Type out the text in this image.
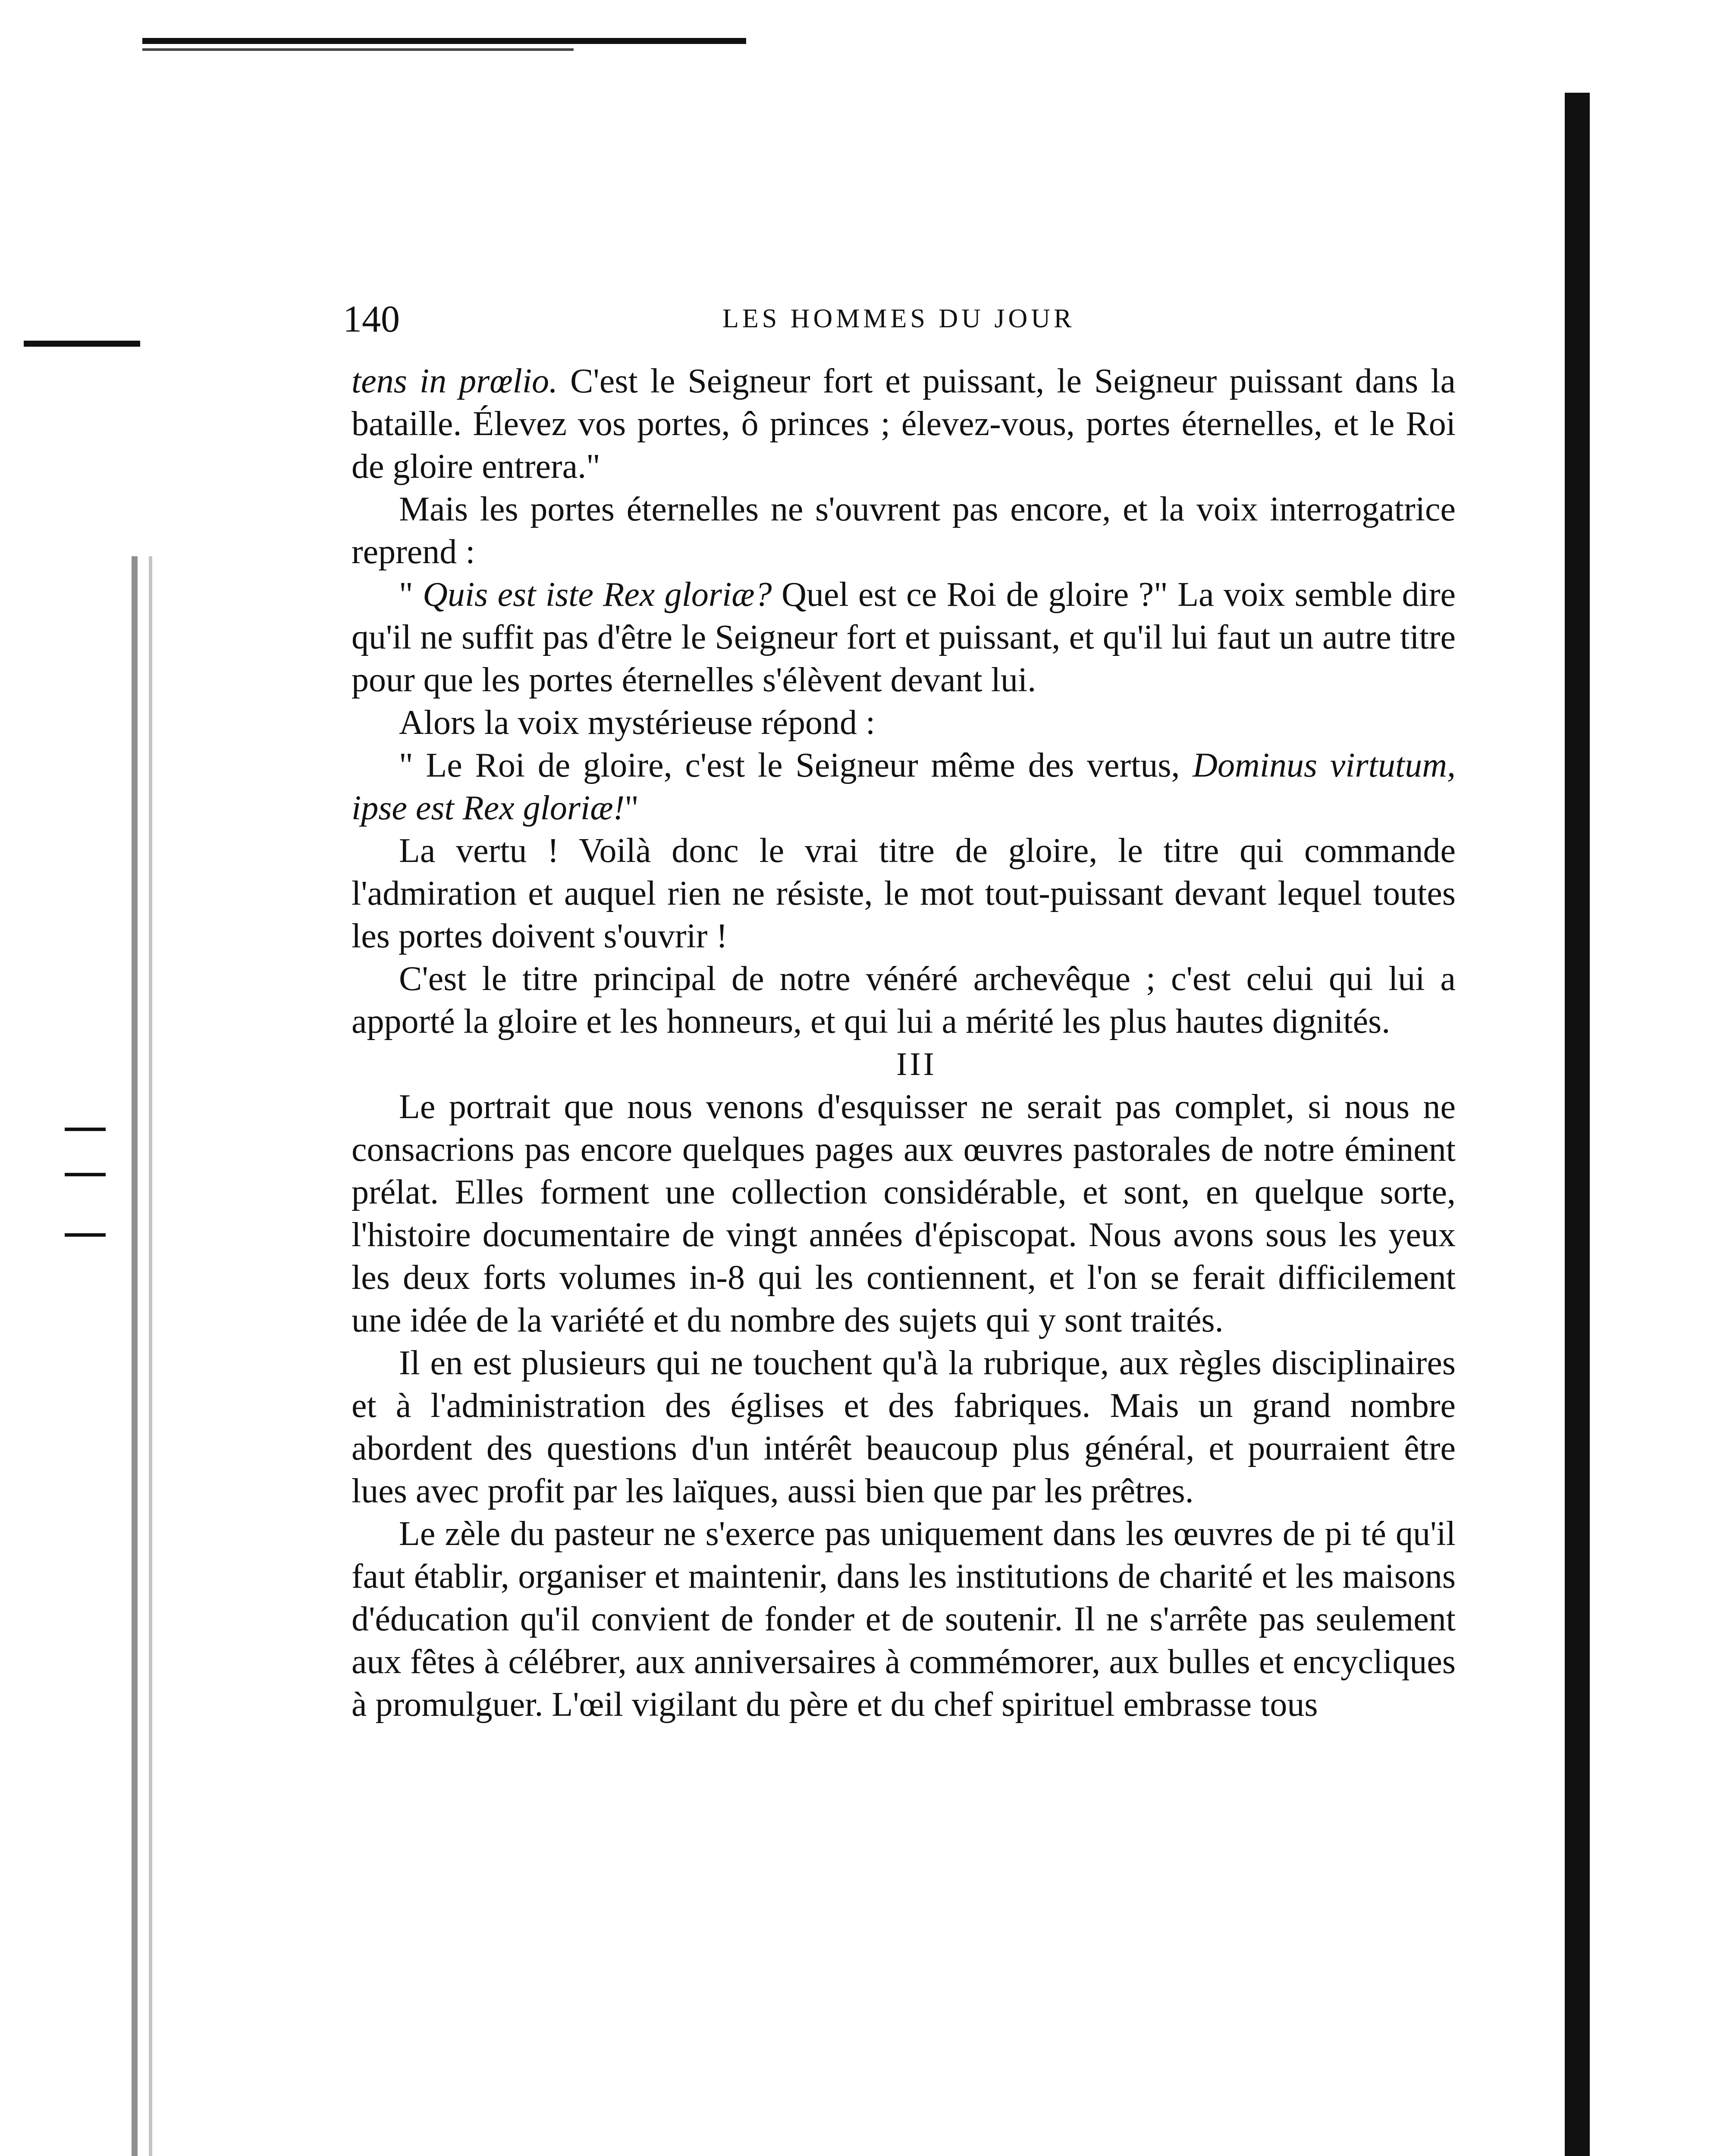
140	LES HOMMES DU JOUR

tens in prœlio. C'est le Seigneur fort et puissant, le Seigneur puissant dans la bataille. Élevez vos portes, ô princes ; élevez-vous, portes éternelles, et le Roi de gloire entrera."

Mais les portes éternelles ne s'ouvrent pas encore, et la voix interrogatrice reprend :

" Quis est iste Rex gloriæ? Quel est ce Roi de gloire ?" La voix semble dire qu'il ne suffit pas d'être le Seigneur fort et puissant, et qu'il lui faut un autre titre pour que les portes éternelles s'élèvent devant lui.

Alors la voix mystérieuse répond :

" Le Roi de gloire, c'est le Seigneur même des vertus, Dominus virtutum, ipse est Rex gloriæ!"

La vertu ! Voilà donc le vrai titre de gloire, le titre qui commande l'admiration et auquel rien ne résiste, le mot tout-puissant devant lequel toutes les portes doivent s'ouvrir !

C'est le titre principal de notre vénéré archevêque ; c'est celui qui lui a apporté la gloire et les honneurs, et qui lui a mérité les plus hautes dignités.

III

Le portrait que nous venons d'esquisser ne serait pas complet, si nous ne consacrions pas encore quelques pages aux œuvres pastorales de notre éminent prélat. Elles forment une collection considérable, et sont, en quelque sorte, l'histoire documentaire de vingt années d'épiscopat. Nous avons sous les yeux les deux forts volumes in-8 qui les contiennent, et l'on se ferait difficilement une idée de la variété et du nombre des sujets qui y sont traités.

Il en est plusieurs qui ne touchent qu'à la rubrique, aux règles disciplinaires et à l'administration des églises et des fabriques. Mais un grand nombre abordent des questions d'un intérêt beaucoup plus général, et pourraient être lues avec profit par les laïques, aussi bien que par les prêtres.

Le zèle du pasteur ne s'exerce pas uniquement dans les œuvres de pi té qu'il faut établir, organiser et maintenir, dans les institutions de charité et les maisons d'éducation qu'il convient de fonder et de soutenir. Il ne s'arrête pas seulement aux fêtes à célébrer, aux anniversaires à commémorer, aux bulles et encycliques à promulguer. L'œil vigilant du père et du chef spirituel embrasse tous
